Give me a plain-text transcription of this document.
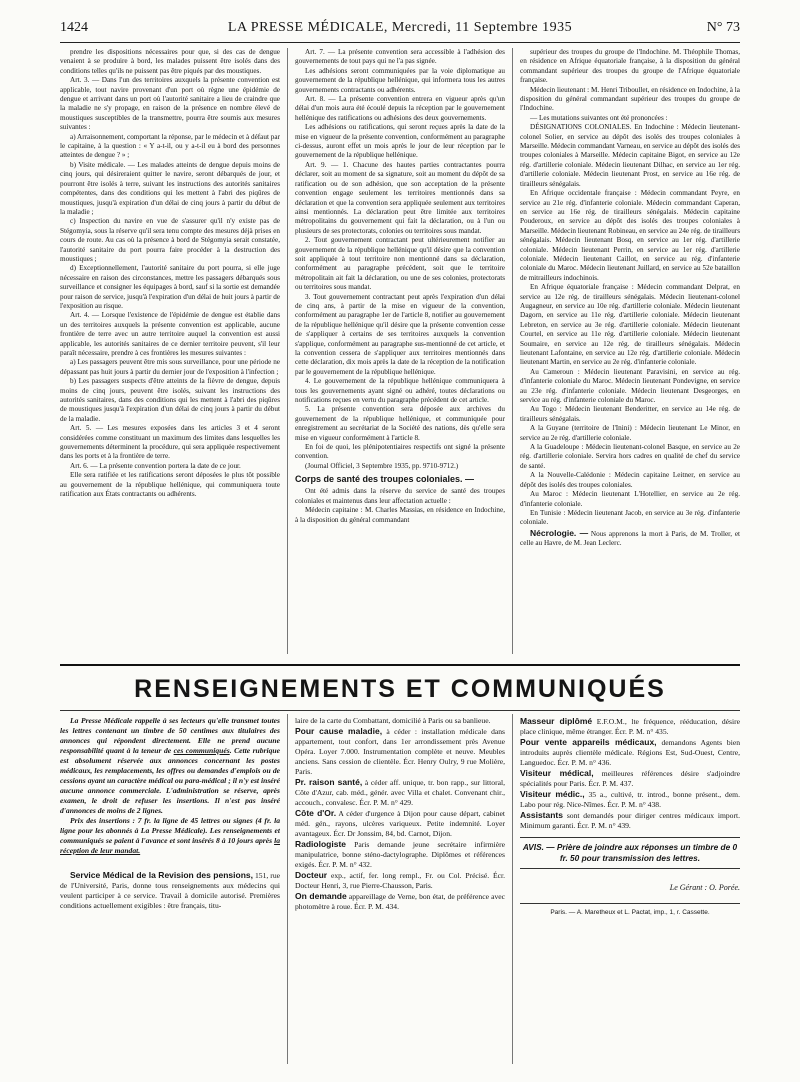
1424	LA PRESSE MÉDICALE, Mercredi, 11 Septembre 1935	N° 73

prendre les dispositions nécessaires pour que, si des cas de dengue venaient à se produire à bord, les malades puissent être isolés dans des conditions telles qu'ils ne puissent pas être piqués par des moustiques.

Art. 3. — Dans l'un des territoires auxquels la présente convention est applicable, tout navire provenant d'un port où règne une épidémie de dengue et arrivant dans un port où l'autorité sanitaire a lieu de craindre que la maladie ne s'y propage, en raison de la présence en nombre élevé de moustiques susceptibles de la transmettre, pourra être soumis aux mesures suivantes :

a) Arraisonnement, comportant la réponse, par le médecin et à défaut par le capitaine, à la question : « Y a-t-il, ou y a-t-il eu à bord des personnes atteintes de dengue ? » ;

b) Visite médicale. — Les malades atteints de dengue depuis moins de cinq jours, qui désireraient quitter le navire, seront débarqués de jour, et pourront être isolés à terre, suivant les instructions des autorités sanitaires compétentes, dans des conditions qui les mettent à l'abri des piqûres de moustiques, jusqu'à expiration d'un délai de cinq jours à partir du début de la maladie ;

c) Inspection du navire en vue de s'assurer qu'il n'y existe pas de Stégomyia, sous la réserve qu'il sera tenu compte des mesures déjà prises en cours de route. Au cas où la présence à bord de Stégomyia serait constatée, l'autorité sanitaire du port pourra faire procéder à la destruction des moustiques ;

d) Exceptionnellement, l'autorité sanitaire du port pourra, si elle juge nécessaire en raison des circonstances, mettre les passagers débarqués sous surveillance et consigner les équipages à bord, sauf si la sortie est demandée pour raison de service, jusqu'à l'expiration d'un délai de huit jours à partir de l'exposition au risque.

Art. 4. — Lorsque l'existence de l'épidémie de dengue est établie dans un des territoires auxquels la présente convention est applicable, aucune frontière de terre avec un autre territoire auquel la convention est aussi applicable, les autorités sanitaires de ce dernier territoire peuvent, s'il leur paraît nécessaire, prendre à ces frontières les mesures suivantes :

a) Les passagers peuvent être mis sous surveillance, pour une période ne dépassant pas huit jours à partir du dernier jour de l'exposition à l'infection ;

b) Les passagers suspects d'être atteints de la fièvre de dengue, depuis moins de cinq jours, peuvent être isolés, suivant les instructions des autorités sanitaires, dans des conditions qui les mettent à l'abri des piqûres de moustiques jusqu'à l'expiration d'un délai de cinq jours à partir du début de la maladie.

Art. 5. — Les mesures exposées dans les articles 3 et 4 seront considérées comme constituant un maximum des limites dans lesquelles les gouvernements déterminent la procédure, qui sera appliquée respectivement dans les ports et à la frontière de terre.

Art. 6. — La présente convention portera la date de ce jour.

Elle sera ratifiée et les ratifications seront déposées le plus tôt possible au gouvernement de la république hellénique, qui communiquera toute ratification aux États contractants ou adhérents.

Art. 7. — La présente convention sera accessible à l'adhésion des gouvernements de tout pays qui ne l'a pas signée.

Les adhésions seront communiquées par la voie diplomatique au gouvernement de la république hellénique, qui informera tous les autres gouvernements contractants ou adhérents.

Art. 8. — La présente convention entrera en vigueur après qu'un délai d'un mois aura été écoulé depuis la réception par le gouvernement hellénique des ratifications ou adhésions des deux gouvernements.

Les adhésions ou ratifications, qui seront reçues après la date de la mise en vigueur de la présente convention, conformément au paragraphe ci-dessus, auront effet un mois après le jour de leur réception par le gouvernement de la république hellénique.

Art. 9. — 1. Chacune des hautes parties contractantes pourra déclarer, soit au moment de sa signature, soit au moment du dépôt de sa ratification ou de son adhésion, que son acceptation de la présente convention engage seulement les territoires mentionnés dans sa déclaration et que la convention sera appliquée seulement aux territoires ainsi mentionnés. La déclaration peut être limitée aux territoires métropolitains du gouvernement qui fait la déclaration, ou à l'un ou plusieurs de ses protectorats, colonies ou territoires sous mandat.

2. Tout gouvernement contractant peut ultérieurement notifier au gouvernement de la république hellénique qu'il désire que la convention soit appliquée à tout territoire non mentionné dans sa déclaration, conformément au paragraphe précédent, soit que le territoire métropolitain ait fait la déclaration, ou une de ses colonies, protectorats ou territoires sous mandat.

3. Tout gouvernement contractant peut après l'expiration d'un délai de cinq ans, à partir de la mise en vigueur de la convention, conformément au paragraphe 1er de l'article 8, notifier au gouvernement de la république hellénique qu'il désire que la présente convention cesse de s'appliquer à certains de ses territoires auxquels la convention s'applique, conformément au paragraphe sus-mentionné de cet article, et la convention cessera de s'appliquer aux territoires mentionnés dans cette déclaration, dix mois après la date de la réception de la notification par le gouvernement de la république hellénique.

4. Le gouvernement de la république hellénique communiquera à tous les gouvernements ayant signé ou adhéré, toutes déclarations ou notifications reçues en vertu du paragraphe précédent de cet article.

5. La présente convention sera déposée aux archives du gouvernement de la république hellénique, et communiquée pour enregistrement au secrétariat de la Société des nations, dès qu'elle sera mise en vigueur conformément à l'article 8.

En foi de quoi, les plénipotentiaires respectifs ont signé la présente convention.

(Journal Officiel, 3 Septembre 1935, pp. 9710-9712.)

Corps de santé des troupes coloniales. —

Ont été admis dans la réserve du service de santé des troupes coloniales et maintenus dans leur affectation actuelle :

Médecin capitaine : M. Charles Massias, en résidence en Indochine, à la disposition du général commandant

supérieur des troupes du groupe de l'Indochine. M. Théophile Thomas, en résidence en Afrique équatoriale française, à la disposition du général commandant supérieur des troupes du groupe de l'Afrique équatoriale française.

Médecin lieutenant : M. Henri Triboullet, en résidence en Indochine, à la disposition du général commandant supérieur des troupes du groupe de l'Indochine.

— Les mutations suivantes ont été prononcées :

DÉSIGNATIONS COLONIALES. En Indochine : Médecin lieutenant-colonel Solier, en service au dépôt des isolés des troupes coloniales à Marseille. Médecin commandant Varneau, en service au dépôt des isolés des troupes coloniales à Marseille. Médecin capitaine Bigot, en service au 12e rég. d'artillerie coloniale. Médecin lieutenant Dilhac, en service au 1er rég. d'artillerie coloniale. Médecin lieutenant Prost, en service au 16e rég. de tirailleurs sénégalais.

En Afrique occidentale française : Médecin commandant Peyre, en service au 21e rég. d'infanterie coloniale. Médecin commandant Caperan, en service au 16e rég. de tirailleurs sénégalais. Médecin capitaine Pouderoux, en service au dépôt des isolés des troupes coloniales à Marseille. Médecin lieutenant Robineau, en service au 24e rég. de tirailleurs sénégalais. Médecin lieutenant Bosq, en service au 1er rég. d'artillerie coloniale. Médecin lieutenant Perrin, en service au 1er rég. d'artillerie coloniale. Médecin lieutenant Caillot, en service au rég. d'infanterie coloniale du Maroc. Médecin lieutenant Juillard, en service au 52e bataillon de mitrailleurs indochinois.

En Afrique équatoriale française : Médecin commandant Delprat, en service au 12e rég. de tirailleurs sénégalais. Médecin lieutenant-colonel Augagneur, en service au 10e rég. d'artillerie coloniale. Médecin lieutenant Dagorn, en service au 11e rég. d'artillerie coloniale. Médecin lieutenant Lebreton, en service au 3e rég. d'artillerie coloniale. Médecin lieutenant Courtel, en service au 11e rég. d'artillerie coloniale. Médecin lieutenant Soumaire, en service au 12e rég. de tirailleurs sénégalais. Médecin lieutenant Lafontaine, en service au 12e rég. d'artillerie coloniale. Médecin lieutenant Martin, en service au 2e rég. d'infanterie coloniale.

Au Cameroun : Médecin lieutenant Paravisini, en service au rég. d'infanterie coloniale du Maroc. Médecin lieutenant Pondevigne, en service au 23e rég. d'infanterie coloniale. Médecin lieutenant Desgeorges, en service au rég. d'infanterie coloniale du Maroc.

Au Togo : Médecin lieutenant Benderitter, en service au 14e rég. de tirailleurs sénégalais.

A la Guyane (territoire de l'Inini) : Médecin lieutenant Le Minor, en service au 2e rég. d'artillerie coloniale.

A la Guadeloupe : Médecin lieutenant-colonel Basque, en service au 2e rég. d'artillerie coloniale. Servira hors cadres en qualité de chef du service de santé.

A la Nouvelle-Calédonie : Médecin capitaine Leitner, en service au dépôt des isolés des troupes coloniales.

Au Maroc : Médecin lieutenant L'Hotellier, en service au 2e rég. d'infanterie coloniale.

En Tunisie : Médecin lieutenant Jacob, en service au 3e rég. d'infanterie coloniale.

Nécrologie. — Nous apprenons la mort à Paris, de M. Troller, et celle au Havre, de M. Jean Leclerc.

RENSEIGNEMENTS ET COMMUNIQUÉS

La Presse Médicale rappelle à ses lecteurs qu'elle transmet toutes les lettres contenant un timbre de 50 centimes aux titulaires des annonces qui répondent directement. Elle ne prend aucune responsabilité quant à la teneur de ces communiqués. Cette rubrique est absolument réservée aux annonces concernant les postes médicaux, les remplacements, les offres ou demandes d'emplois ou de cessions ayant un caractère médical ou para-médical ; il n'y est inséré aucune annonce commerciale. L'administration se réserve, après examen, le droit de refuser les insertions. Il n'est pas inséré d'annonces de moins de 2 lignes.

Prix des insertions : 7 fr. la ligne de 45 lettres ou signes (4 fr. la ligne pour les abonnés à La Presse Médicale). Les renseignements et communiqués se paient à l'avance et sont insérés 8 à 10 jours après la réception de leur mandat.

Service Médical de la Revision des pensions, 151, rue de l'Université, Paris, donne tous renseignements aux médecins qui veulent participer à ce service. Travail à domicile autorisé. Premières conditions actuellement exigibles : être français, titu-

laire de la carte du Combattant, domicilié à Paris ou sa banlieue.

Pour cause maladie, à céder : installation médicale dans appartement, tout confort, dans 1er arrondissement près Avenue Opéra. Loyer 7.000. Instrumentation complète et neuve. Meubles anciens. Sans cession de clientèle. Écr. Henry Oulry, 9 rue Molière, Paris.

Pr. raison santé, à céder aff. unique, tr. bon rapp., sur littoral, Côte d'Azur, cab. méd., génér. avec Villa et chalet. Convenant chir., accouch., convalesc. Écr. P. M. n° 429.

Côte d'Or. A céder d'urgence à Dijon pour cause départ, cabinet méd. gén., rayons, ulcères variqueux. Petite indemnité. Loyer avantageux. Écr. Dr Jonssim, 84, bd. Carnot, Dijon.

Radiologiste Paris demande jeune secrétaire infirmière manipulatrice, bonne sténo-dactylographe. Diplômes et références exigés. Écr. P. M. n° 432.

Docteur exp., actif, fer. long rempl., Fr. ou Col. Précisé. Écr. Docteur Henri, 3, rue Pierre-Chausson, Paris.

On demande appareillage de Verne, bon état, de préférence avec photomètre à roue. Écr. P. M. 434.

Masseur diplômé E.F.O.M., lte fréquence, rééducation, désire place clinique, même étranger. Écr. P. M. n° 435.

Pour vente appareils médicaux, demandons Agents bien introduits auprès clientèle médicale. Régions Est, Sud-Ouest, Centre, Languedoc. Écr. P. M. n° 436.

Visiteur médical, meilleures références désire s'adjoindre spécialités pour Paris. Écr. P. M. 437.

Visiteur médic., 35 a., cultivé, tr. introd., bonne présent., dem. Labo pour rég. Nice-Nîmes. Écr. P. M. n° 438.

Assistants sont demandés pour diriger centres médicaux import. Minimum garanti. Écr. P. M. n° 439.

AVIS. — Prière de joindre aux réponses un timbre de 0 fr. 50 pour transmission des lettres.
Le Gérant : O. Porée.
Paris. — A. Maretheux et L. Pactat, imp., 1, r. Cassette.
